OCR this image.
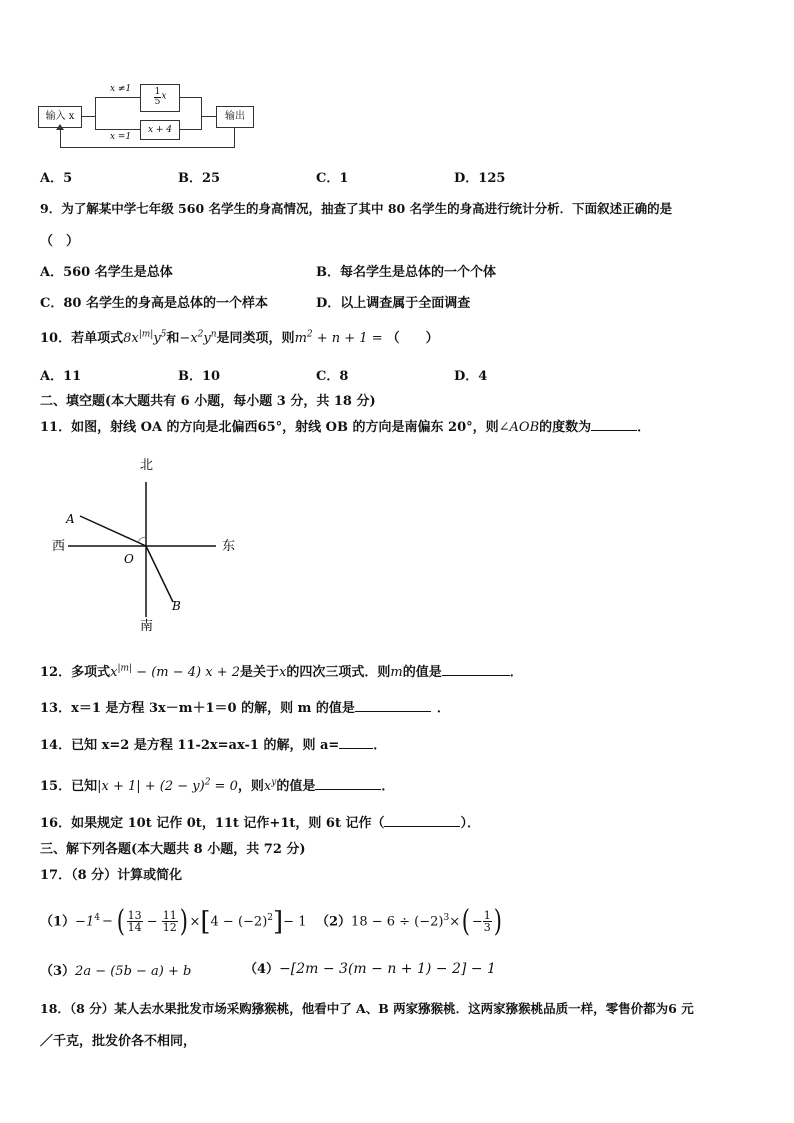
输入 x	输出
$\frac{1}{5}$ x
x + 4
x ≠1
x =1
A．5	B．25	C．1	D．125
9．为了解某中学七年级 560 名学生的身高情况，抽查了其中 80 名学生的身高进行统计分析．下面叙述正确的是
（　）
A．560 名学生是总体	B．每名学生是总体的一个个体
C．80 名学生的身高是总体的一个样本	D．以上调查属于全面调查
10．若单项式$8x^{|m|}y^5$和$-x^2y^n$是同类项，则$m^2 + n + 1$ = （　　）
A．11	B．10	C．8	D．4
二、填空题(本大题共有 6 小题，每小题 3 分，共 18 分)
11．如图，射线 OA 的方向是北偏西65°，射线 OB 的方向是南偏东 20°，则∠AOB的度数为	．
北
南
东
西
A
B
O
12．多项式$x^{|m|} - (m - 4) x + 2$是关于x的四次三项式．则m的值是	．
13．x＝1 是方程 3x－m＋1＝0 的解，则 m 的值是	．
14．已知 x=2 是方程 11-2x=ax-1 的解，则 a=	．
15．已知$|x + 1| + (2 - y)^2 = 0$，则$x^y$的值是	．
16．如果规定 10t 记作 0t，11t 记作+1t，则 6t 记作（	）．
三、解下列各题(本大题共 8 小题，共 72 分)
17．（8 分）计算或简化
$(1)-1^4$ − ( $\frac{13}{14} - \frac{11}{12}$ ) $\times[4 - (-2)^2]- 1$ $(2)18 - 6 \div (-2)^3\times( - \frac{1}{3}$ )
（3）2a − (5b − a) + b	（4）−[2m − 3(m − n + 1) − 2] − 1
18．（8 分）某人去水果批发市场采购猕猴桃，他看中了 A、B 两家猕猴桃．这两家猕猴桃品质一样，零售价都为6 元
／千克，批发价各不相同，
